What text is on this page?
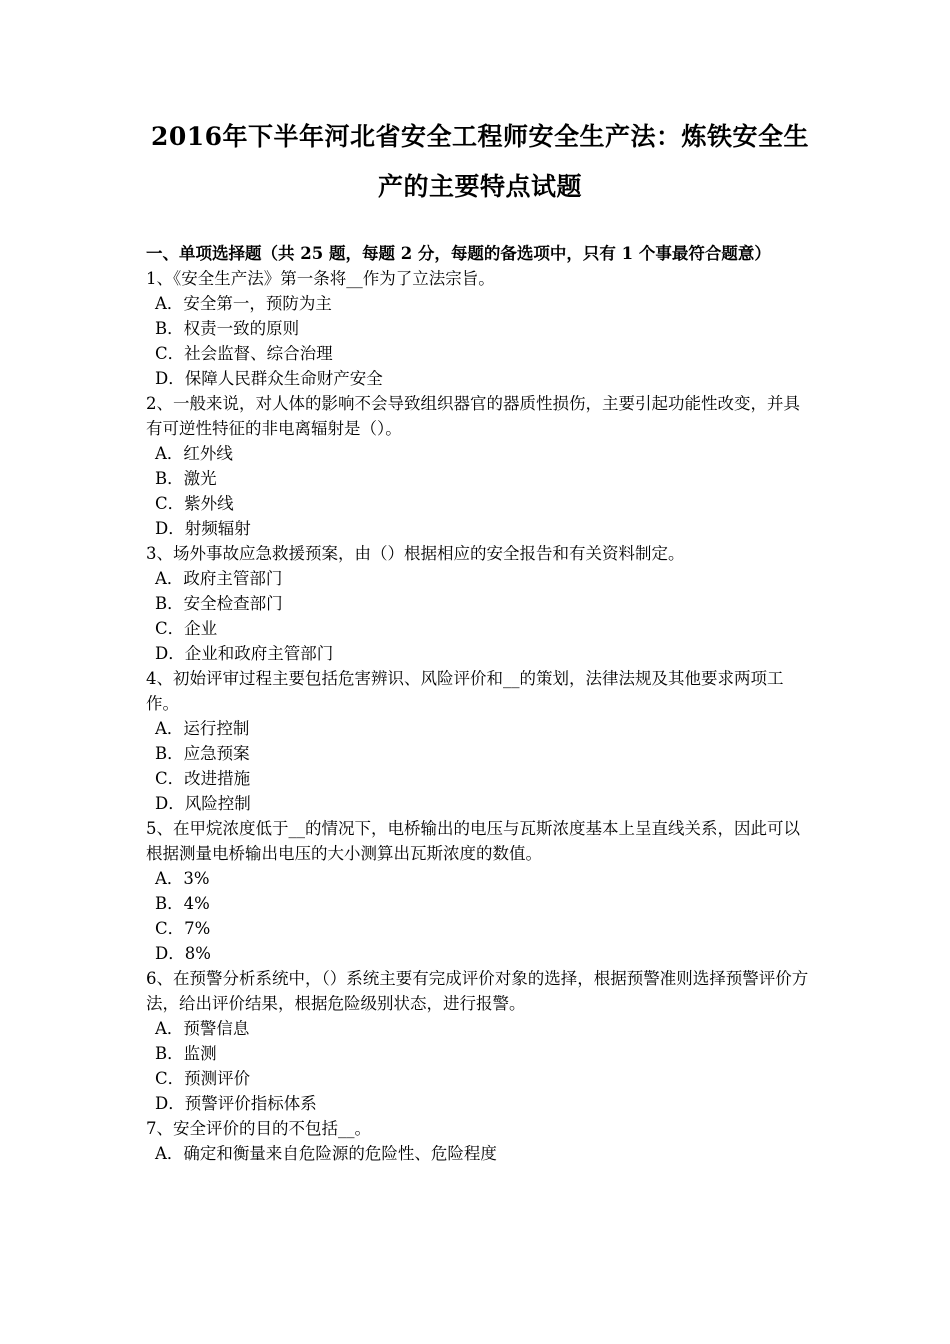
2016年下半年河北省安全工程师安全生产法：炼铁安全生
产的主要特点试题
一、单项选择题（共 25 题，每题 2 分，每题的备选项中，只有 1 个事最符合题意）
1、《安全生产法》第一条将__作为了立法宗旨。
A．安全第一，预防为主
B．权责一致的原则
C．社会监督、综合治理
D．保障人民群众生命财产安全
2、一般来说，对人体的影响不会导致组织器官的器质性损伤，主要引起功能性改变，并具有可逆性特征的非电离辐射是（）。
A．红外线
B．激光
C．紫外线
D．射频辐射
3、场外事故应急救援预案，由（）根据相应的安全报告和有关资料制定。
A．政府主管部门
B．安全检查部门
C．企业
D．企业和政府主管部门
4、初始评审过程主要包括危害辨识、风险评价和__的策划，法律法规及其他要求两项工作。
A．运行控制
B．应急预案
C．改进措施
D．风险控制
5、在甲烷浓度低于__的情况下，电桥输出的电压与瓦斯浓度基本上呈直线关系，因此可以根据测量电桥输出电压的大小测算出瓦斯浓度的数值。
A．3%
B．4%
C．7%
D．8%
6、在预警分析系统中，（）系统主要有完成评价对象的选择，根据预警准则选择预警评价方法，给出评价结果，根据危险级别状态，进行报警。
A．预警信息
B．监测
C．预测评价
D．预警评价指标体系
7、安全评价的目的不包括__。
A．确定和衡量来自危险源的危险性、危险程度
